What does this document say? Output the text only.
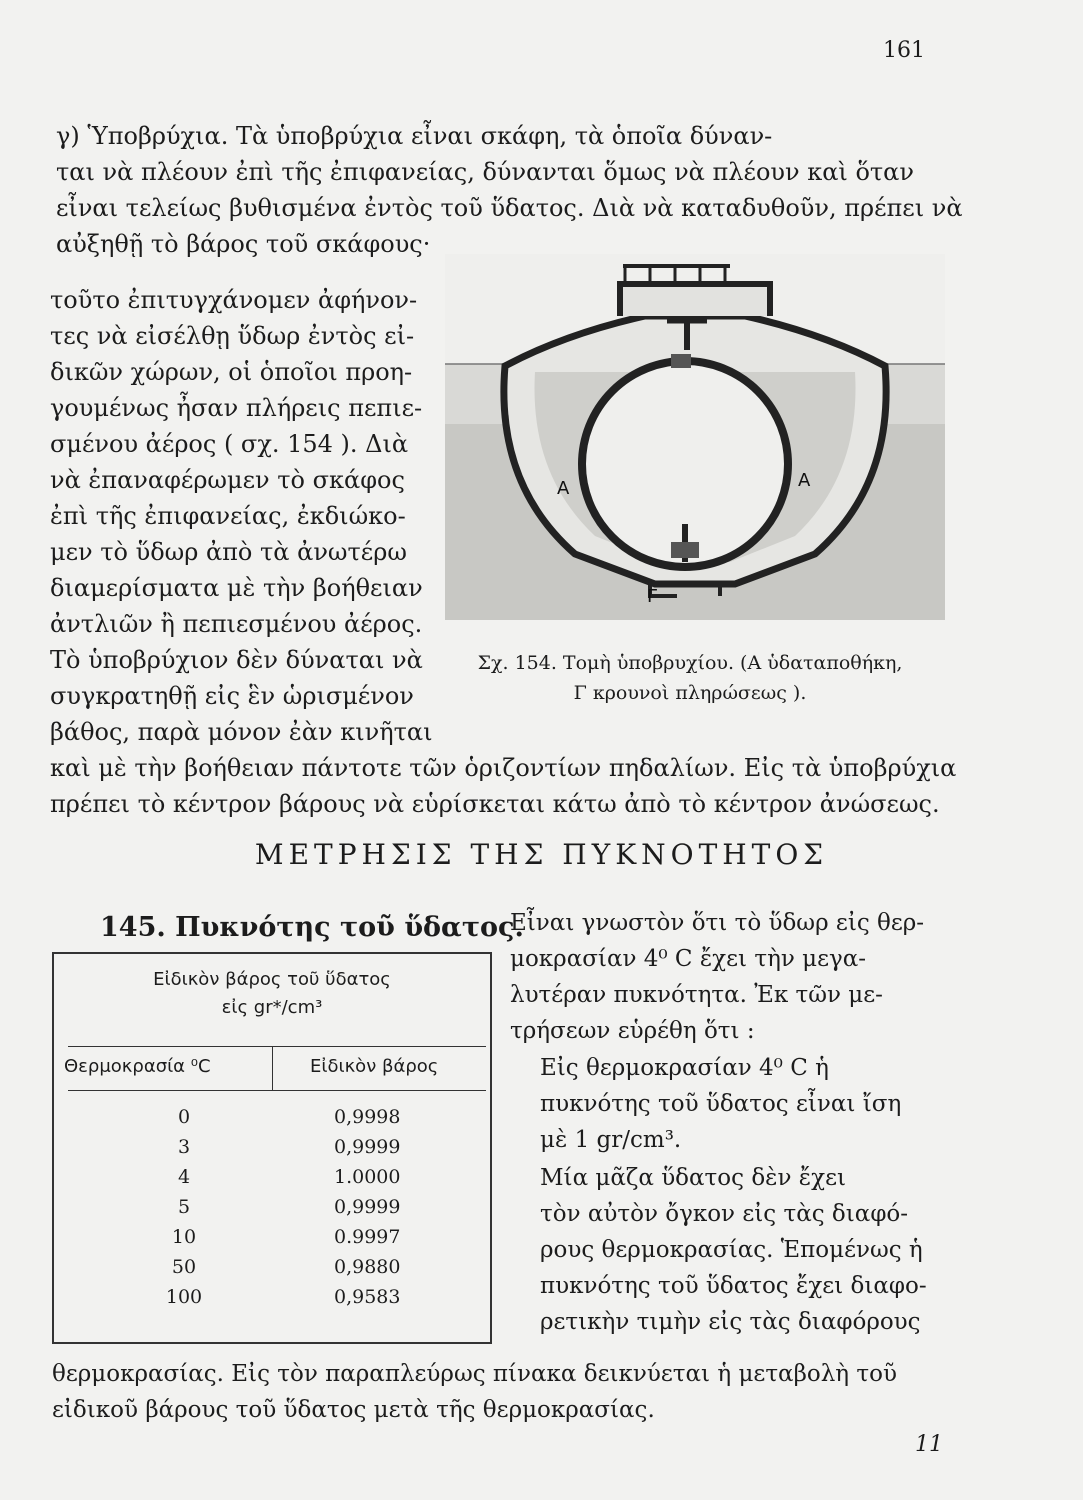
161

γ) Ὑποβρύχια. Τὰ ὑποβρύχια εἶναι σκάφη, τὰ ὁποῖα δύναν-
ται νὰ πλέουν ἐπὶ τῆς ἐπιφανείας, δύνανται ὅμως νὰ πλέουν καὶ ὅταν
εἶναι τελείως βυθισμένα ἐντὸς τοῦ ὕδατος. Διὰ νὰ καταδυθοῦν, πρέπει νὰ
αὐξηθῇ τὸ βάρος τοῦ σκάφους·

τοῦτο ἐπιτυγχάνομεν ἀφήνον-
τες νὰ εἰσέλθῃ ὕδωρ ἐντὸς εἰ-
δικῶν χώρων, οἱ ὁποῖοι προη-
γουμένως ἦσαν πλήρεις πεπιε-
σμένου ἀέρος ( σχ. 154 ). Διὰ
νὰ ἐπαναφέρωμεν τὸ σκάφος
ἐπὶ τῆς ἐπιφανείας, ἐκδιώκο-
μεν τὸ ὕδωρ ἀπὸ τὰ ἀνωτέρω
διαμερίσματα μὲ τὴν βοήθειαν
ἀντλιῶν ἢ πεπιεσμένου ἀέρος.
Τὸ ὑποβρύχιον δὲν δύναται νὰ
συγκρατηθῇ εἰς ἓν ὡρισμένον
βάθος, παρὰ μόνον ἐὰν κινῆται

Α	Α
Γ
Σχ. 154. Τομὴ ὑποβρυχίου. (Α ὑδαταποθήκη,
Γ κρουνοὶ πληρώσεως ).

καὶ μὲ τὴν βοήθειαν πάντοτε τῶν ὁριζοντίων πηδαλίων. Εἰς τὰ ὑποβρύχια
πρέπει τὸ κέντρον βάρους νὰ εὑρίσκεται κάτω ἀπὸ τὸ κέντρον ἀνώσεως.

ΜΕΤΡΗΣΙΣ ΤΗΣ ΠΥΚΝΟΤΗΤΟΣ
145. Πυκνότης τοῦ ὕδατος.

Εἶναι γνωστὸν ὅτι τὸ ὕδωρ εἰς θερ-
μοκρασίαν 4⁰ C ἔχει τὴν μεγα-
λυτέραν πυκνότητα. Ἐκ τῶν με-
τρήσεων εὑρέθη ὅτι :

Εἰς θερμοκρασίαν 4⁰ C ἡ
πυκνότης τοῦ ὕδατος εἶναι ἴση
μὲ 1 gr/cm³.

Μία μᾶζα ὕδατος δὲν ἔχει
τὸν αὐτὸν ὄγκον εἰς τὰς διαφό-
ρους θερμοκρασίας. Ἑπομένως ἡ
πυκνότης τοῦ ὕδατος ἔχει διαφο-
ρετικὴν τιμὴν εἰς τὰς διαφόρους

Εἰδικὸν βάρος τοῦ ὕδατος
εἰς gr*/cm³
Θερμοκρασία ⁰C	Εἰδικὸν βάρος
0	0,9998
3	0,9999
4	1.0000
5	0,9999
10	0.9997
50	0,9880
100	0,9583

θερμοκρασίας. Εἰς τὸν παραπλεύρως πίνακα δεικνύεται ἡ μεταβολὴ τοῦ
εἰδικοῦ βάρους τοῦ ὕδατος μετὰ τῆς θερμοκρασίας.

11
